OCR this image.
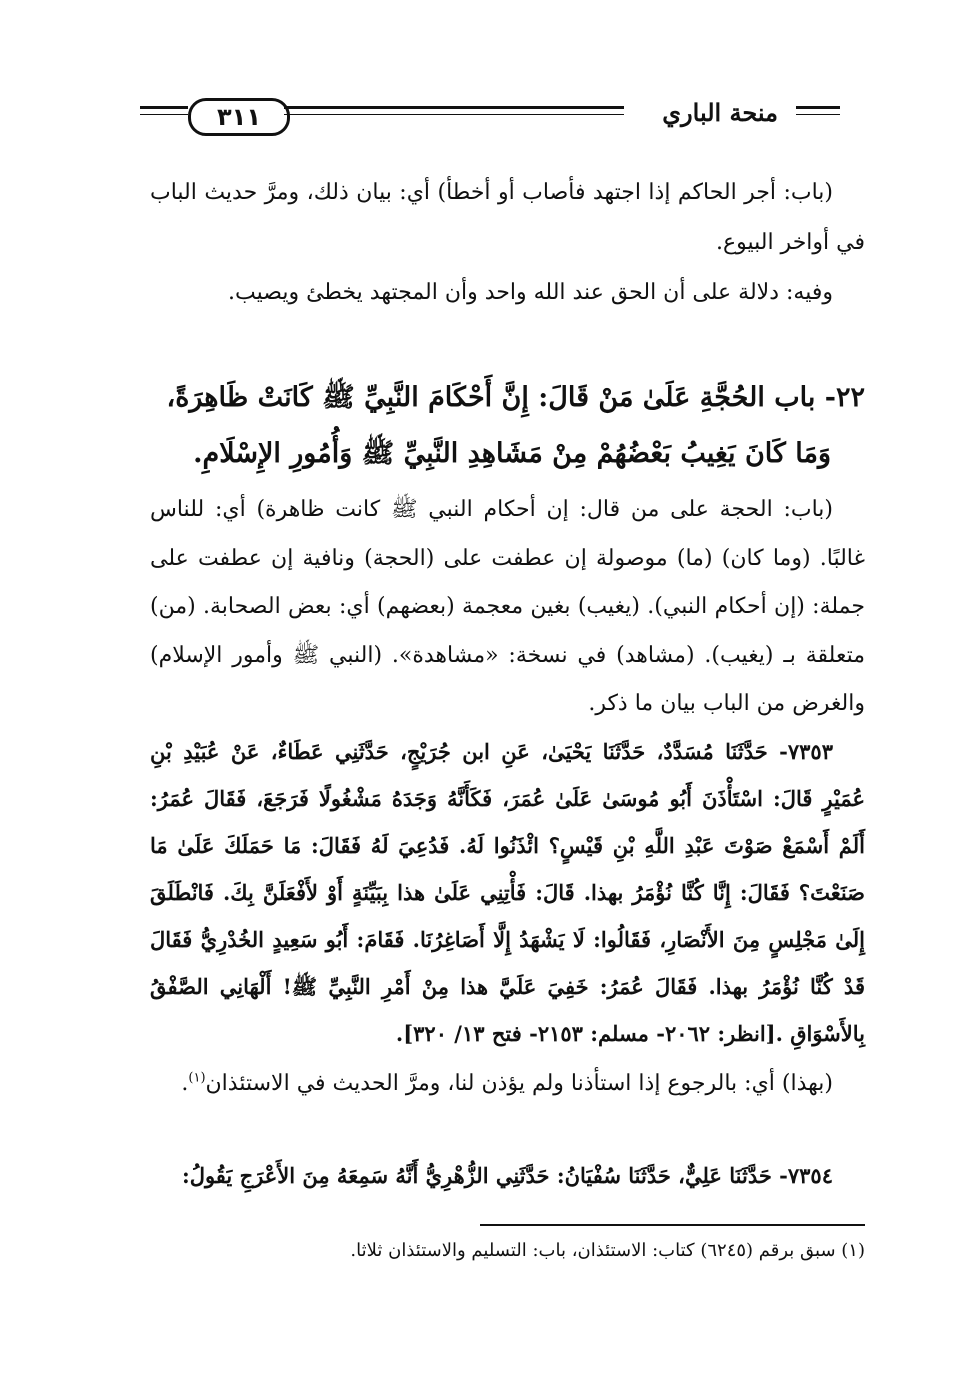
٣١١	منحة الباري

(باب: أجر الحاكم إذا اجتهد فأصاب أو أخطأ) أي: بيان ذلك، ومرَّ حديث الباب في أواخر البيوع.

وفيه: دلالة على أن الحق عند الله واحد وأن المجتهد يخطئ ويصيب.

٢٢- باب الحُجَّةِ عَلَىٰ مَنْ قَالَ: إِنَّ أَحْكَامَ النَّبِيِّ ﷺ كَانَتْ ظَاهِرَةً،

وَمَا كَانَ يَغِيبُ بَعْضُهُمْ مِنْ مَشَاهِدِ النَّبِيِّ ﷺ وَأُمُورِ الإِسْلَامِ.

(باب: الحجة على من قال: إن أحكام النبي ﷺ كانت ظاهرة) أي: للناس غالبًا. (وما كان) (ما) موصولة إن عطفت على (الحجة) ونافية إن عطفت على جملة: (إن أحكام النبي). (يغيب) بغين معجمة (بعضهم) أي: بعض الصحابة. (من) متعلقة بـ (يغيب). (مشاهد) في نسخة: «مشاهدة». (النبي ﷺ وأمور الإسلام) والغرض من الباب بيان ما ذكر.

٧٣٥٣- حَدَّثَنَا مُسَدَّدٌ، حَدَّثَنَا يَحْيَىٰ، عَنِ ابن جُرَيْجٍ، حَدَّثَنِي عَطَاءٌ، عَنْ عُبَيْدِ بْنِ عُمَيْرٍ قَالَ: اسْتَأْذَنَ أَبُو مُوسَىٰ عَلَىٰ عُمَرَ، فَكَأَنَّهُ وَجَدَهُ مَشْغُولًا فَرَجَعَ، فَقَالَ عُمَرُ: أَلَمْ أَسْمَعْ صَوْتَ عَبْدِ اللَّهِ بْنِ قَيْسٍ؟ ائْذَنُوا لَهُ. فَدُعِيَ لَهُ فَقَالَ: مَا حَمَلَكَ عَلَىٰ مَا صَنَعْتَ؟ فَقَالَ: إِنَّا كُنَّا نُؤْمَرُ بهذا. قَالَ: فَأْتِنِي عَلَىٰ هذا بِبَيِّنَةٍ أَوْ لأَفْعَلَنَّ بِكَ. فَانْطَلَقَ إِلَىٰ مَجْلِسٍ مِنَ الأَنْصَارِ، فَقَالُوا: لَا يَشْهَدُ إِلَّا أَصَاغِرُنَا. فَقَامَ: أَبُو سَعِيدٍ الخُدْرِيُّ فَقَالَ قَدْ كُنَّا نُؤْمَرُ بهذا. فَقَالَ عُمَرُ: خَفِيَ عَلَيَّ هذا مِنْ أَمْرِ النَّبِيِّ ﷺ! أَلْهَانِي الصَّفْقُ بِالأَسْوَاقِ .[انظر: ٢٠٦٢- مسلم: ٢١٥٣- فتح ١٣/ ٣٢٠].

(بهذا) أي: بالرجوع إذا استأذنا ولم يؤذن لنا، ومرَّ الحديث في الاستئذان$^{(١)}$.

٧٣٥٤- حَدَّثَنَا عَلِيٌّ، حَدَّثَنَا سُفْيَانُ: حَدَّثَنِي الزُّهْرِيُّ أَنَّهُ سَمِعَهُ مِنَ الأَعْرَجِ يَقُولُ:

(١) سبق برقم (٦٢٤٥) كتاب: الاستئذان، باب: التسليم والاستئذان ثلاثا.
